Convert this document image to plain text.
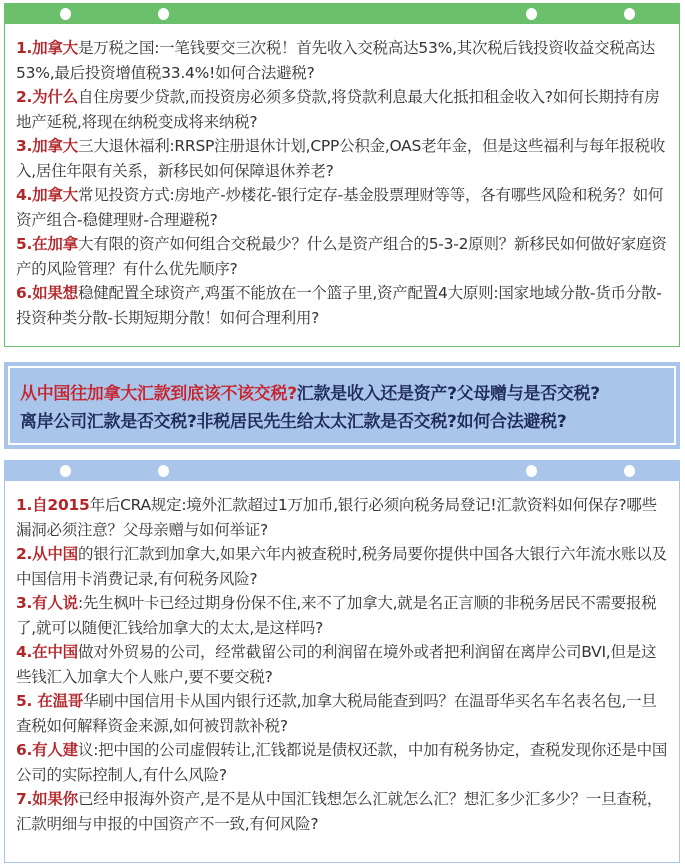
1.加拿大是万税之国:一笔钱要交三次税！首先收入交税高达53%,其次税后钱投资收益交税高达53%,最后投资增值税33.4%!如何合法避税?

2.为什么自住房要少贷款,而投资房必须多贷款,将贷款利息最大化抵扣租金收入?如何长期持有房地产延税,将现在纳税变成将来纳税?

3.加拿大三大退休福利:RRSP注册退休计划,CPP公积金,OAS老年金，但是这些福利与每年报税收入,居住年限有关系，新移民如何保障退休养老?

4.加拿大常见投资方式:房地产-炒楼花-银行定存-基金股票理财等等，各有哪些风险和税务？如何资产组合-稳健理财-合理避税?

5.在加拿大有限的资产如何组合交税最少？什么是资产组合的5-3-2原则？新移民如何做好家庭资产的风险管理？有什么优先顺序?

6.如果想稳健配置全球资产,鸡蛋不能放在一个篮子里,资产配置4大原则:国家地域分散-货币分散-投资种类分散-长期短期分散！如何合理利用?

从中国往加拿大汇款到底该不该交税?汇款是收入还是资产?父母赠与是否交税?
离岸公司汇款是否交税?非税居民先生给太太汇款是否交税?如何合法避税?

1.自2015年后CRA规定:境外汇款超过1万加币,银行必须向税务局登记!汇款资料如何保存?哪些漏洞必须注意？父母亲赠与如何举证?

2.从中国的银行汇款到加拿大,如果六年内被查税时,税务局要你提供中国各大银行六年流水账以及中国信用卡消费记录,有何税务风险?

3.有人说:先生枫叶卡已经过期身份保不住,来不了加拿大,就是名正言顺的非税务居民不需要报税了,就可以随便汇钱给加拿大的太太,是这样吗?

4.在中国做对外贸易的公司，经常截留公司的利润留在境外或者把利润留在离岸公司BVI,但是这些钱汇入加拿大个人账户,要不要交税?

5. 在温哥华刷中国信用卡从国内银行还款,加拿大税局能查到吗？在温哥华买名车名表名包,一旦查税如何解释资金来源,如何被罚款补税?

6.有人建议:把中国的公司虚假转让,汇钱都说是债权还款，中加有税务协定，查税发现你还是中国公司的实际控制人,有什么风险?

7.如果你已经申报海外资产,是不是从中国汇钱想怎么汇就怎么汇？想汇多少汇多少？一旦查税，汇款明细与申报的中国资产不一致,有何风险?
